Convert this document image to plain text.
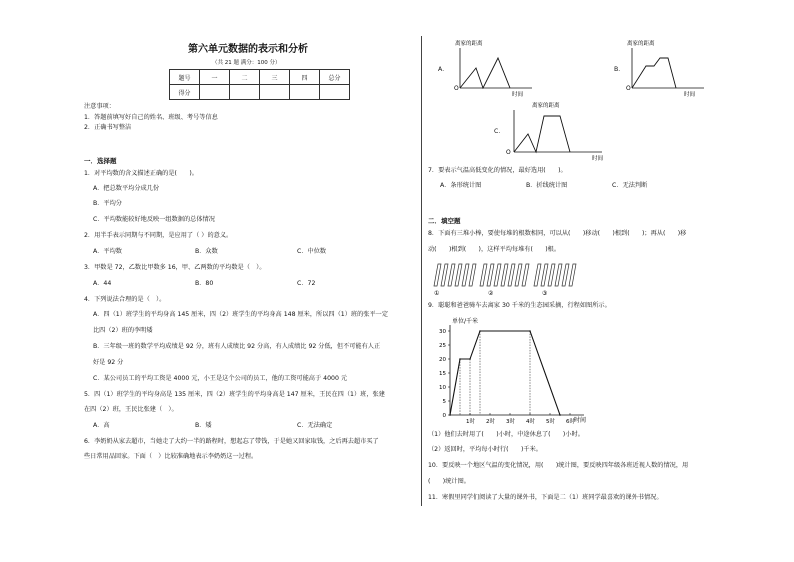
第六单元数据的表示和分析
（共 21 题 满分：100 分）
题号	一	二	三	四	总分
得分					
注意事项：
1．答题前填写好自己的姓名、班级、考号等信息
2．正确书写整洁
一．选择题
1．对平均数的含义描述正确的是(　　)。
A．把总数平均分成几份
B．平均分
C．平均数能较好地反映一组数据的总体情况
2．用半手表示同期与不同期，是应用了（ ）的意义。
A．平均数	B．众数	C．中位数
3．甲数是 72，乙数比甲数多 16，甲、乙两数的平均数是（　）。
A．44	B．80	C．72
4．下列说法合理的是（　）。
A．四（1）班学生的平均身高 145 厘米，四（2）班学生的平均身高 148 厘米，所以四（1）班的张平一定
比四（2）班的李明矮
B．三年级一班的数学平均成绩是 92 分，班有人成绩比 92 分高，有人成绩比 92 分低，但不可能有人正
好是 92 分
C．某公司员工的平均工资是 4000 元，小王是这个公司的员工，他的工资可能高于 4000 元
5．四（1）班学生的平均身高是 135 厘米，四（2）班学生的平均身高是 147 厘米，王民在四（1）班，张建
在四（2）班，王民比张建（　）。
A．高	B．矮	C．无法确定
6．李奶奶从家去超市，当她走了大约一半的路程时，想起忘了带钱，于是她又回家取钱，之后再去超市买了
些日常用品回家。下面（　）比较准确地表示李奶奶这一过程。
A．
离家的距离
O
时间
B．
离家的距离
O
时间
C．
离家的距离
O
时间
7．要表示气温高低变化的情况，最好选用(　　)。
A．条形统计图	B．折线统计图	C．无法判断
二．填空题
8．下面有三堆小棒，要使每堆的根数相同，可以从(　　)移动(　　)根到(　　)；再从(　　)移
动(　　)根到(　　)，这样平均每堆有(　　)根。
①	②	③
9．聪聪和爸爸骑车去离家 30 千米的生态园采摘，行程如图所示。
单位/千米
时间
0
5
10
15
20
25
30
1时 2时 3时 4时 5时 6时
（1）他们去时用了(　　)小时，中途休息了(　　)小时。
（2）返回时，平均每小时行(　　)千米。
10．要反映一个地区气温的变化情况，用(　　)统计图，要反映四年级各班近视人数的情况，用
(　　)统计图。
11．寒假里同学们阅读了大量的课外书，下面是二（1）班同学最喜欢的课外书情况。
